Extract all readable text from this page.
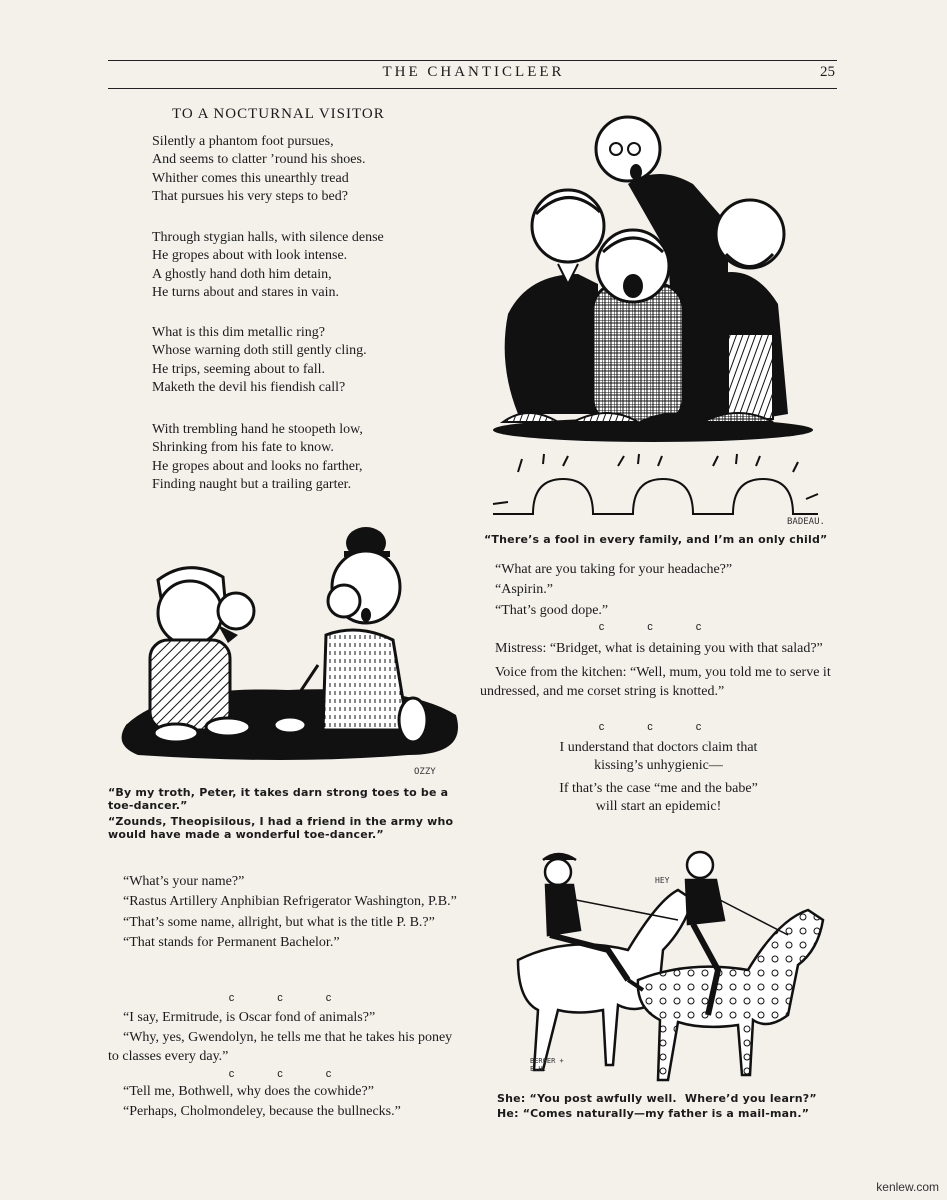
THE CHANTICLEER	25
TO A NOCTURNAL VISITOR
Silently a phantom foot pursues,
And seems to clatter ’round his shoes.
Whither comes this unearthly tread
That pursues his very steps to bed?
Through stygian halls, with silence dense
He gropes about with look intense.
A ghostly hand doth him detain,
He turns about and stares in vain.
What is this dim metallic ring?
Whose warning doth still gently cling.
He trips, seeming about to fall.
Maketh the devil his fiendish call?
With trembling hand he stoopeth low,
Shrinking from his fate to know.
He gropes about and looks no farther,
Finding naught but a trailing garter.
BADEAU.
“There’s a fool in every family, and I’m an only child”
“What are you taking for your headache?”
“Aspirin.”
“That’s good dope.”
c c c
Mistress: “Bridget, what is detaining you with that salad?”
Voice from the kitchen: “Well, mum, you told me to serve it undressed, and me corset string is knotted.”
c c c
I understand that doctors claim that
kissing’s unhygienic—
If that’s the case “me and the babe”
will start an epidemic!
OZZY
“By my troth, Peter, it takes darn strong toes to be a toe-dancer.”
“Zounds, Theopisilous, I had a friend in the army who would have made a wonderful toe-dancer.”
“What’s your name?”
“Rastus Artillery Anphibian Refrigerator Washington, P.B.”
“That’s some name, allright, but what is the title P. B.?”
“That stands for Permanent Bachelor.”
c c c
“I say, Ermitrude, is Oscar fond of animals?”
“Why, yes, Gwendolyn, he tells me that he takes his poney to classes every day.”
c c c
“Tell me, Bothwell, why does the cowhide?”
“Perhaps, Cholmondeley, because the bullnecks.”
HEY
BERGER + E.H.
She: “You post awfully well.  Where’d you learn?”
He: “Comes naturally—my father is a mail-man.”
kenlew.com
